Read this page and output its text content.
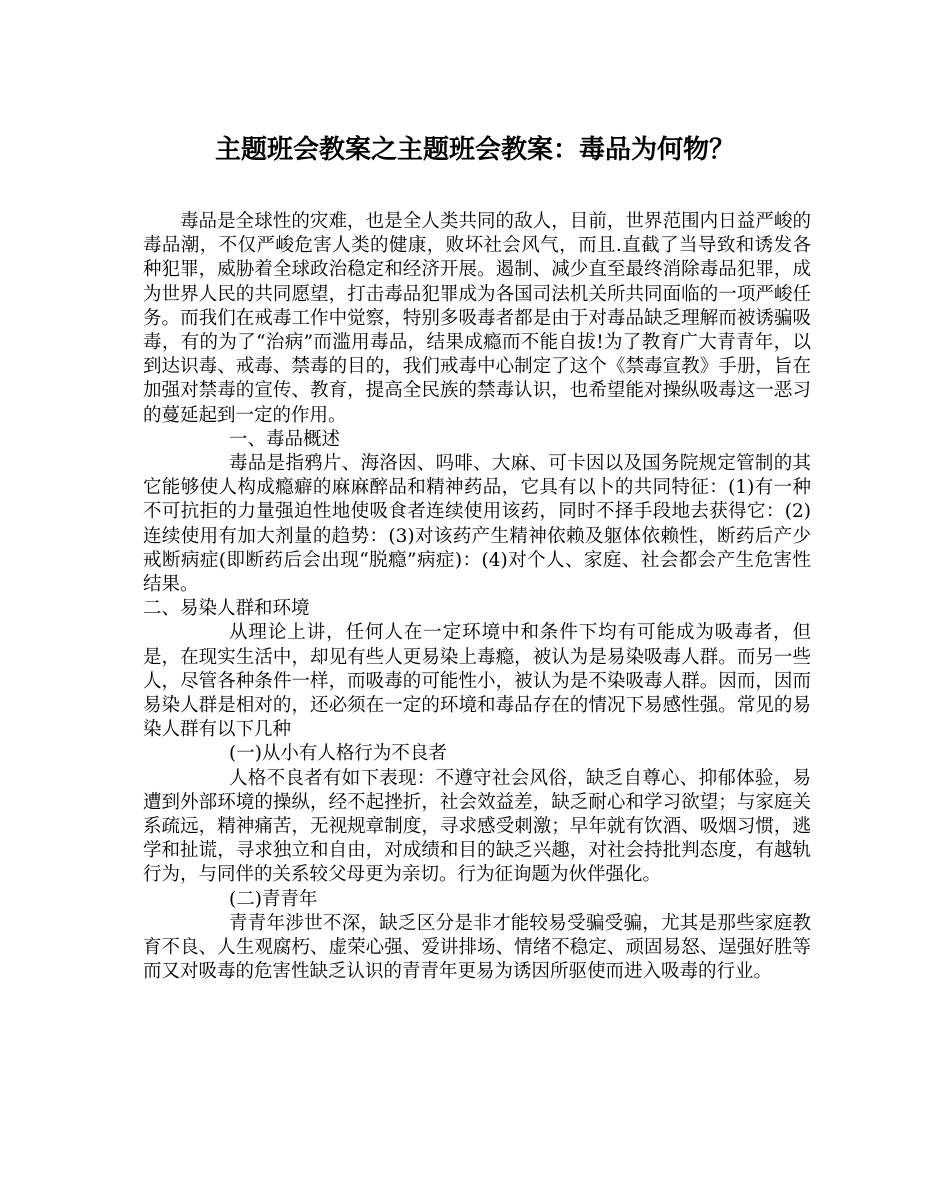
主题班会教案之主题班会教案：毒品为何物？

毒品是全球性的灾难，也是全人类共同的敌人，目前，世界范围内日益严峻的毒品潮，不仅严峻危害人类的健康，败坏社会风气，而且.直截了当导致和诱发各种犯罪，威胁着全球政治稳定和经济开展。遏制、减少直至最终消除毒品犯罪，成为世界人民的共同愿望，打击毒品犯罪成为各国司法机关所共同面临的一项严峻任务。而我们在戒毒工作中觉察，特别多吸毒者都是由于对毒品缺乏理解而被诱骗吸毒，有的为了“治病”而滥用毒品，结果成瘾而不能自拔!为了教育广大青青年，以到达识毒、戒毒、禁毒的目的，我们戒毒中心制定了这个《禁毒宣教》手册，旨在加强对禁毒的宣传、教育，提高全民族的禁毒认识，也希望能对操纵吸毒这一恶习的蔓延起到一定的作用。

一、毒品概述

毒品是指鸦片、海洛因、吗啡、大麻、可卡因以及国务院规定管制的其它能够使人构成瘾癖的麻麻醉品和精神药品，它具有以卜的共同特征：(1)有一种不可抗拒的力量强迫性地使吸食者连续使用该药，同时不择手段地去获得它：(2)连续使用有加大剂量的趋势：(3)对该药产生精神依赖及躯体依赖性，断药后产少戒断病症(即断药后会出现“脱瘾”病症)：(4)对个人、家庭、社会都会产生危害性结果。

二、易染人群和环境

从理论上讲，任何人在一定环境中和条件下均有可能成为吸毒者，但是，在现实生活中，却见有些人更易染上毒瘾，被认为是易染吸毒人群。而另一些人，尽管各种条件一样，而吸毒的可能性小，被认为是不染吸毒人群。因而，因而易染人群是相对的，还必须在一定的环境和毒品存在的情况下易感性强。常见的易染人群有以下几种

(一)从小有人格行为不良者

人格不良者有如下表现：不遵守社会风俗，缺乏自尊心、抑郁体验，易遭到外部环境的操纵，经不起挫折，社会效益差，缺乏耐心和学习欲望；与家庭关系疏远，精神痛苦，无视规章制度，寻求感受刺激；早年就有饮酒、吸烟习惯，逃学和扯谎，寻求独立和自由，对成绩和目的缺乏兴趣，对社会持批判态度，有越轨行为，与同伴的关系较父母更为亲切。行为征询题为伙伴强化。

(二)青青年

青青年涉世不深，缺乏区分是非才能较易受骗受骗，尤其是那些家庭教育不良、人生观腐朽、虚荣心强、爱讲排场、情绪不稳定、顽固易怒、逞强好胜等而又对吸毒的危害性缺乏认识的青青年更易为诱因所驱使而进入吸毒的行业。
